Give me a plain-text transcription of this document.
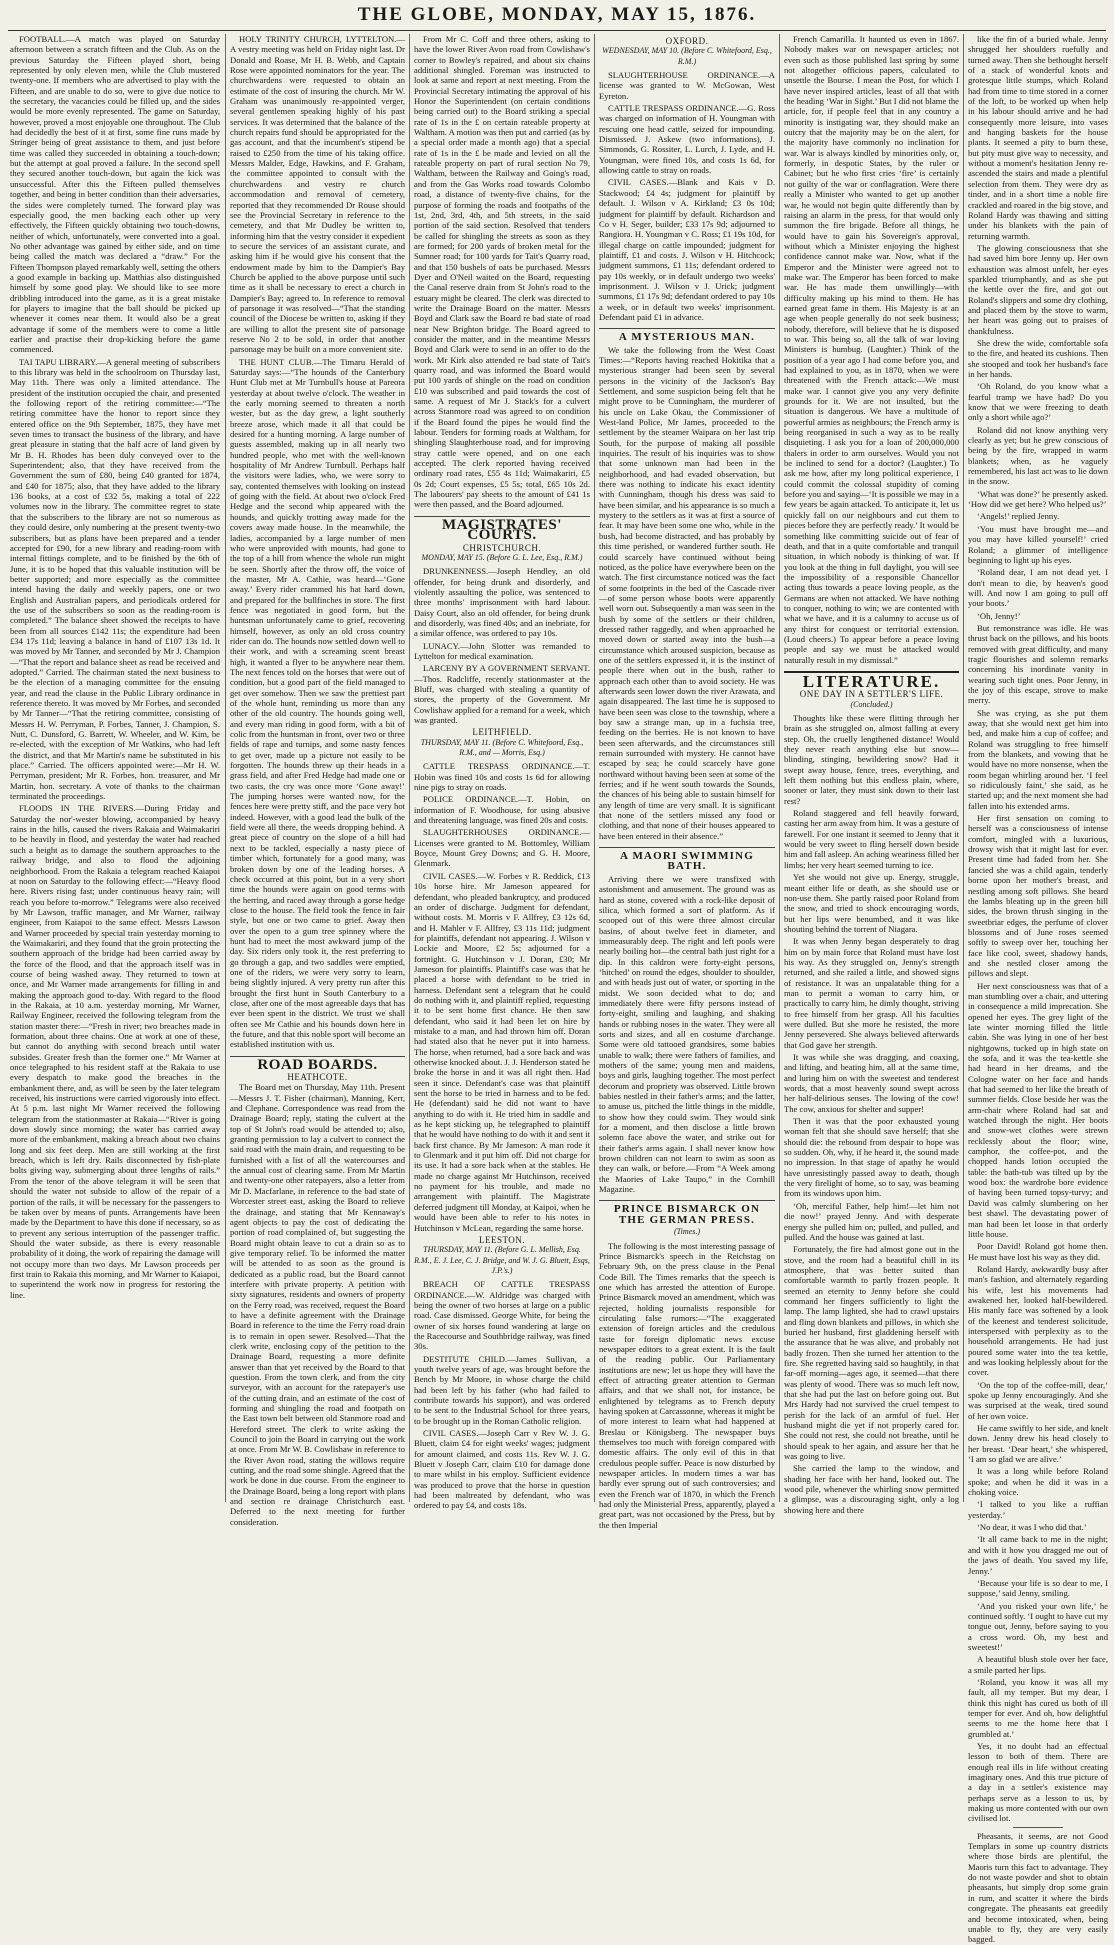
THE GLOBE, MONDAY, MAY 15, 1876.

FOOTBALL.—A match was played on Saturday afternoon between a scratch fifteen and the Club. As on the previous Saturday the Fifteen played short, being represented by only eleven men, while the Club mustered twenty-one. If members who are advertised to play with the Fifteen, and are unable to do so, were to give due notice to the secretary, the vacancies could be filled up, and the sides would be more evenly represented. The game on Saturday, however, proved a most enjoyable one throughout. The Club had decidedly the best of it at first, some fine runs made by Stringer being of great assistance to them, and just before time was called they succeeded in obtaining a touch-down; but the attempt at goal proved a failure. In the second spell they secured another touch-down, but again the kick was unsuccessful. After this the Fifteen pulled themselves together, and being in better condition than their adversaries, the sides were completely turned. The forward play was especially good, the men backing each other up very effectively, the Fifteen quickly obtaining two touch-downs, neither of which, unfortunately, were converted into a goal. No other advantage was gained by either side, and on time being called the match was declared a “draw.” For the Fifteen Thompson played remarkably well, setting the others a good example in backing up. Matthias also distinguished himself by some good play. We should like to see more dribbling introduced into the game, as it is a great mistake for players to imagine that the ball should be picked up whenever it comes near them. It would also be a great advantage if some of the members were to come a little earlier and practise their drop-kicking before the game commenced.

TAI TAPU LIBRARY.—A general meeting of subscribers to this library was held in the schoolroom on Thursday last, May 11th. There was only a limited attendance. The president of the institution occupied the chair, and presented the following report of the retiring committee:—“The retiring committee have the honor to report since they entered office on the 9th September, 1875, they have met seven times to transact the business of the library, and have great pleasure in stating that the half acre of land given by Mr B. H. Rhodes has been duly conveyed over to the Superintendent; also, that they have received from the Government the sum of £80, being £40 granted for 1874, and £40 for 1875; also, that they have added to the library 136 books, at a cost of £32 5s, making a total of 222 volumes now in the library. The committee regret to state that the subscribers to the library are not so numerous as they could desire, only numbering at the present twenty-two subscribers, but as plans have been prepared and a tender accepted for £90, for a new library and reading-room with internal fittings complete, and to be finished by the 6th of June, it is to be hoped that this valuable institution will be better supported; and more especially as the committee intend having the daily and weekly papers, one or two English and Australian papers, and periodicals ordered for the use of the subscribers so soon as the reading-room is completed.” The balance sheet showed the receipts to have been from all sources £142 11s; the expenditure had been £34 17s 11d; leaving a balance in hand of £107 13s 1d. It was moved by Mr Tanner, and seconded by Mr J. Champion—“That the report and balance sheet as read be received and adopted.” Carried. The chairman stated the next business to be the election of a managing committee for the ensuing year, and read the clause in the Public Library ordinance in reference thereto. It was moved by Mr Forbes, and seconded by Mr Tanner—“That the retiring committee, consisting of Messrs H. W. Perryman, P. Forbes, Tanner, J. Champion, S. Nutt, C. Dunsford, G. Barrett, W. Wheeler, and W. Kim, be re-elected, with the exception of Mr Watkins, who had left the district, and that Mr Martin's name be substituted in his place.” Carried. The officers appointed were:—Mr H. W. Perryman, president; Mr R. Forbes, hon. treasurer, and Mr Martin, hon. secretary. A vote of thanks to the chairman terminated the proceedings.

FLOODS IN THE RIVERS.—During Friday and Saturday the nor'-wester blowing, accompanied by heavy rains in the hills, caused the rivers Rakaia and Waimakariri to be heavily in flood, and yesterday the water had reached such a height as to damage the southern approaches to the railway bridge, and also to flood the adjoining neighborhood. From the Rakaia a telegram reached Kaiapoi at noon on Saturday to the following effect:—“Heavy flood here. Rivers rising fast; under continuous heavy rain; will reach you before to-morrow.” Telegrams were also received by Mr Lawson, traffic manager, and Mr Warner, railway engineer, from Kaiapoi to the same effect. Messrs Lawson and Warner proceeded by special train yesterday morning to the Waimakariri, and they found that the groin protecting the southern approach of the bridge had been carried away by the force of the flood, and that the approach itself was in course of being washed away. They returned to town at once, and Mr Warner made arrangements for filling in and making the approach good to-day. With regard to the flood in the Rakaia, at 10 a.m. yesterday morning, Mr Warner, Railway Engineer, received the following telegram from the station master there:—“Fresh in river; two breaches made in formation, about three chains. One at work at one of these, but cannot do anything with second breach until water subsides. Greater fresh than the former one.” Mr Warner at once telegraphed to his resident staff at the Rakaia to use every despatch to make good the breaches in the embankment there, and, as will be seen by the later telegram received, his instructions were carried vigorously into effect. At 5 p.m. last night Mr Warner received the following telegram from the stationmaster at Rakaia—“River is going down slowly since morning; the water has carried away more of the embankment, making a breach about two chains long and six feet deep. Men are still working at the first breach, which is left dry. Rails disconnected by fish-plate bolts giving way, submerging about three lengths of rails.” From the tenor of the above telegram it will be seen that should the water not subside to allow of the repair of a portion of the rails, it will be necessary for the passengers to be taken over by means of punts. Arrangements have been made by the Department to have this done if necessary, so as to prevent any serious interruption of the passenger traffic. Should the water subside, as there is every reasonable probability of it doing, the work of repairing the damage will not occupy more than two days. Mr Lawson proceeds per first train to Rakaia this morning, and Mr Warner to Kaiapoi, to superintend the work now in progress for restoring the line.

HOLY TRINITY CHURCH, LYTTELTON.—A vestry meeting was held on Friday night last. Dr Donald and Roase, Mr H. B. Webb, and Captain Rose were appointed nominators for the year. The churchwardens were requested to obtain an estimate of the cost of insuring the church. Mr W. Graham was unanimously re-appointed verger, several gentlemen speaking highly of his past services. It was determined that the balance of the church repairs fund should be appropriated for the gas account, and that the incumbent's stipend be raised to £250 from the time of his taking office. Messrs Malder, Edge, Hawkins, and F. Graham, the committee appointed to consult with the churchwardens and vestry re church accommodation and removal of cemetery, reported that they recommended Dr Rouse should see the Provincial Secretary in reference to the cemetery, and that Mr Dudley be written to, informing him that the vestry consider it expedient to secure the services of an assistant curate, and asking him if he would give his consent that the endowment made by him to the Dampier's Bay Church be applied to the above purpose until such time as it shall be necessary to erect a church in Dampier's Bay; agreed to. In reference to removal of parsonage it was resolved—“That the standing council of the Diocese be written to, asking if they are willing to allot the present site of parsonage reserve No 2 to be sold, in order that another parsonage may be built on a more convenient site.

THE HUNT CLUB.—The Timaru Herald of Saturday says:—“The hounds of the Canterbury Hunt Club met at Mr Turnbull's house at Pareora yesterday at about twelve o'clock. The weather in the early morning seemed to threaten a north wester, but as the day grew, a light southerly breeze arose, which made it all that could be desired for a hunting morning. A large number of guests assembled, making up in all nearly two hundred people, who met with the well-known hospitality of Mr Andrew Turnbull. Perhaps half the visitors were ladies, who, we were sorry to say, contented themselves with looking on instead of going with the field. At about two o'clock Fred Hedge and the second whip appeared with the hounds, and quickly trotting away made for the covers away made house. In the meanwhile, the ladies, accompanied by a large number of men who were unprovided with mounts, had gone to the top of a hill from whence the whole run might be seen. Shortly after the throw off, the voice of the master, Mr A. Cathie, was heard—‘Gone away.’ Every rider crammed his hat hard down, and prepared for the bullfinches in store. The first fence was negotiated in good form, but the huntsman unfortunately came to grief, recovering himself, however, as only an old cross country rider can do. The hounds now settled down well to their work, and with a screaming scent breast high, it wanted a flyer to be anywhere near them. The next fences told on the horses that were out of condition, but a good part of the field managed to get over somehow. Then we saw the prettiest part of the whole hunt, reminding us more than any other of the old country. The hounds going well, and every man riding in good form, with a bit of colic from the huntsman in front, over two or three fields of rape and turnips, and some nasty fences to get over, made up a picture not easily to be forgotten. The hounds threw up their heads in a grass field, and after Fred Hedge had made one or two casts, the cry was once more ‘Gone away!’ The jumping horses were wanted now, for the fences here were pretty stiff, and the pace very hot indeed. However, with a good lead the bulk of the field were all there, the weeds dropping behind. A great piece of country on the slope of a hill had next to be tackled, especially a nasty piece of timber which, fortunately for a good many, was broken down by one of the leading horses. A check occurred at this point, but in a very short time the hounds were again on good terms with the herring, and raced away through a gorse hedge close to the house. The field took the fence in fair style, but one or two came to grief. Away then over the open to a gum tree spinney where the hunt had to meet the most awkward jump of the day. Six riders only took it, the rest preferring to go through a gap, and two saddles were emptied, one of the riders, we were very sorry to learn, being slightly injured. A very pretty run after this brought the first hunt in South Canterbury to a close, after one of the most agreeable days that has ever been spent in the district. We trust we shall often see Mr Cathie and his hounds down here in the future, and that this noble sport will become an established institution with us.

ROAD BOARDS.
HEATHCOTE.

The Board met on Thursday, May 11th. Present—Messrs J. T. Fisher (chairman), Manning, Kerr, and Clephane. Correspondence was read from the Drainage Board; reply, stating the culvert at the top of St John's road would be attended to; also, granting permission to lay a culvert to connect the said road with the main drain, and requesting to be furnished with a list of all the watercourses and the annual cost of clearing same. From Mr Martin and twenty-one other ratepayers, also a letter from Mr D. Macfarlane, in reference to the bad state of Worcester street east, asking the Board to relieve the drainage, and stating that Mr Kennaway's agent objects to pay the cost of dedicating the portion of road complained of, but suggesting the Board might obtain leave to cut a drain so as to give temporary relief. To be informed the matter will be attended to as soon as the ground is dedicated as a public road, but the Board cannot interfere with private property. A petition with sixty signatures, residents and owners of property on the Ferry road, was received, request the Board to have a definite agreement with the Drainage Board in reference to the time the Ferry road drain is to remain in open sewer. Resolved—That the clerk write, enclosing copy of the petition to the Drainage Board, requesting a more definite answer than that yet received by the Board to that question. From the town clerk, and from the city surveyor, with an account for the ratepayer's use of the cutting drain, and an estimate of the cost of forming and shingling the road and footpath on the East town belt between old Stanmore road and Hereford street. The clerk to write asking the Council to join the Board in carrying out the work at once. From Mr W. B. Cowlishaw in reference to the River Avon road, stating the willows require cutting, and the road some shingle. Agreed that the work be done in due course. From the engineer to the Drainage Board, being a long report with plans and section re drainage Christchurch east. Deferred to the next meeting for further consideration.

From Mr C. Coff and three others, asking to have the lower River Avon road from Cowlishaw's corner to Bowley's repaired, and about six chains additional shingled. Foreman was instructed to look at same and report at next meeting. From the Provincial Secretary intimating the approval of his Honor the Superintendent (on certain conditions being carried out) to the Board striking a special rate of 1s in the £ on certain rateable property at Waltham. A motion was then put and carried (as by a special order made a month ago) that a special rate of 1s in the £ be made and levied on all the rateable property on part of rural section No 79, Waltham, between the Railway and Going's road, and from the Gas Works road towards Colombo road, a distance of twenty-five chains, for the purpose of forming the roads and footpaths of the 1st, 2nd, 3rd, 4th, and 5th streets, in the said portion of the said section. Resolved that tenders be called for shingling the streets as soon as they are formed; for 200 yards of broken metal for the Sumner road; for 100 yards for Tait's Quarry road, and that 150 bushels of oats be purchased. Messrs Dyer and O'Neil waited on the Board, requesting the Canal reserve drain from St John's road to the estuary might be cleared. The clerk was directed to write the Drainage Board on the matter. Messrs Boyd and Clark saw the Board re bad state of road near New Brighton bridge. The Board agreed to consider the matter, and in the meantime Messrs Boyd and Clark were to send in an offer to do the work. Mr Kirk also attended re bad state of Tait's quarry road, and was informed the Board would put 100 yards of shingle on the road on condition £10 was subscribed and paid towards the cost of same. A request of Mr J. Stack's for a culvert across Stanmore road was agreed to on condition if the Board found the pipes he would find the labour. Tenders for forming roads at Waltham, for shingling Slaughterhouse road, and for improving stray cattle were opened, and on one each accepted. The clerk reported having received ordinary road rates, £55 4s 11d; Waimakariri, £5 0s 2d; Court expenses, £5 5s; total, £65 10s 2d. The labourers' pay sheets to the amount of £41 1s were then passed, and the Board adjourned.

MAGISTRATES' COURTS.
CHRISTCHURCH.
MONDAY, MAY 15. (Before G. L. Lee, Esq., R.M.)

DRUNKENNESS.—Joseph Hendley, an old offender, for being drunk and disorderly, and violently assaulting the police, was sentenced to three months' imprisonment with hard labour. Daisy Court, also an old offender, for being drunk and disorderly, was fined 40s; and an inebriate, for a similar offence, was ordered to pay 10s.

LUNACY.—John Slotter was remanded to Lyttelton for medical examination.

LARCENY BY A GOVERNMENT SERVANT.—Thos. Radcliffe, recently stationmaster at the Bluff, was charged with stealing a quantity of stores, the property of the Government. Mr Cowlishaw applied for a remand for a week, which was granted.

LEITHFIELD.
THURSDAY, MAY 11. (Before C. Whitefoord, Esq., R.M., and — Morris, Esq.)

CATTLE TRESPASS ORDINANCE.—T. Hobin was fined 10s and costs 1s 6d for allowing nine pigs to stray on roads.

POLICE ORDINANCE.—T. Hobin, on information of F. Woodhouse, for using abusive and threatening language, was fined 20s and costs.

SLAUGHTERHOUSES ORDINANCE.—Licenses were granted to M. Bottomley, William Boyce, Mount Grey Downs; and G. H. Moore, Glenmark.

CIVIL CASES.—W. Forbes v R. Reddick, £13 10s horse hire. Mr Jameson appeared for defendant, who pleaded bankruptcy, and produced an order of discharge. Judgment for defendant, without costs. M. Morris v F. Allfrey, £3 12s 6d, and H. Mahler v F. Allfrey, £3 11s 11d; judgment for plaintiffs, defendant not appearing. J. Wilson v Lockie and Moore, £2 5s; adjourned for a fortnight. G. Hutchinson v J. Doran, £30; Mr Jameson for plaintiffs. Plaintiff's case was that he placed a horse with defendant to be tried in harness. Defendant sent a telegram that he could do nothing with it, and plaintiff replied, requesting it to be sent home first chance. He then saw defendant, who said it had been let on hire by mistake to a man, and had thrown him off. Doran had stated also that he never put it into harness. The horse, when returned, had a sore back and was otherwise knocked about. J. J. Henderson stated he broke the horse in and it was all right then. Had seen it since. Defendant's case was that plaintiff sent the horse to be tried in harness and to be fed. He (defendant) said he did not want to have anything to do with it. He tried him in saddle and as he kept sticking up, he telegraphed to plaintiff that he would have nothing to do with it and sent it back first chance. By Mr Jameson: A man rode it to Glenmark and it put him off. Did not charge for its use. It had a sore back when at the stables. He made no charge against Mr Hutchinson, received no payment for his trouble, and made no arrangement with plaintiff. The Magistrate deferred judgment till Monday, at Kaipoi, when he would have been able to refer to his notes in Hutchinson v McLean, regarding the same horse.

LEESTON.
THURSDAY, MAY 11. (Before G. L. Mellish, Esq. R.M., E. J. Lee, C. J. Bridge, and W. J. G. Bluett, Esqs, J.P.'s.)

BREACH OF CATTLE TRESPASS ORDINANCE.—W. Aldridge was charged with being the owner of two horses at large on a public road. Case dismissed. George White, for being the owner of six horses found wandering at large on the Racecourse and Southbridge railway, was fined 30s.

DESTITUTE CHILD.—James Sullivan, a youth twelve years of age, was brought before the Bench by Mr Moore, in whose charge the child had been left by his father (who had failed to contribute towards his support), and was ordered to be sent to the Industrial School for three years, to be brought up in the Roman Catholic religion.

CIVIL CASES.—Joseph Carr v Rev W. J. G. Bluett, claim £4 for eight weeks' wages; judgment for amount claimed, and costs 11s. Rev W. J. G. Bluett v Joseph Carr, claim £10 for damage done to mare whilst in his employ. Sufficient evidence was produced to prove that the horse in question had been maltreated by defendant, who was ordered to pay £4, and costs 18s.

OXFORD.
WEDNESDAY, MAY 10. (Before C. Whitefoord, Esq., R.M.)

SLAUGHTERHOUSE ORDINANCE.—A license was granted to W. McGowan, West Eyreton.

CATTLE TRESPASS ORDINANCE.—G. Ross was charged on information of H. Youngman with rescuing one head cattle, seized for impounding. Dismissed. J. Askew (two informations), J. Simmonds, G. Rossiter, L. Lurch, J. Lyde, and H. Youngman, were fined 10s, and costs 1s 6d, for allowing cattle to stray on roads.

CIVIL CASES.—Blank and Kais v D. Stackwood; £4 4s; judgment for plaintiff by default. J. Wilson v A. Kirkland; £3 0s 10d; judgment for plaintiff by default. Richardson and Co v H. Seger, builder; £33 17s 9d; adjourned to Rangiora. H. Youngman v C. Ross; £1 19s 10d, for illegal charge on cattle impounded; judgment for plaintiff, £1 and costs. J. Wilson v H. Hitchcock; judgment summons, £1 11s; defendant ordered to pay 10s weekly, or in default undergo two weeks' imprisonment. J. Wilson v J. Urick; judgment summons, £1 17s 9d; defendant ordered to pay 10s a week, or in default two weeks' imprisonment. Defendant paid £1 in advance.

A MYSTERIOUS MAN.

We take the following from the West Coast Times:—“Reports having reached Hokitika that a mysterious stranger had been seen by several persons in the vicinity of the Jackson's Bay Settlement, and some suspicion being felt that he might prove to be Cunningham, the murderer of his uncle on Lake Okau, the Commissioner of West-land Police, Mr James, proceeded to the settlement by the steamer Waipara on her last trip South, for the purpose of making all possible inquiries. The result of his inquiries was to show that some unknown man had been in the neighborhood, and had evaded observation, but there was nothing to indicate his exact identity with Cunningham, though his dress was said to have been similar, and his appearance is so much a mystery to the settlers as it was at first a source of fear. It may have been some one who, while in the bush, had become distracted, and has probably by this time perished, or wandered further south. He could scarcely have continued without being noticed, as the police have everywhere been on the watch. The first circumstance noticed was the fact of some footprints in the bed of the Cascade river—of some person whose boots were apparently well worn out. Subsequently a man was seen in the bush by some of the settlers or their children, dressed rather raggedly, and when approached he moved down or started away into the bush—a circumstance which aroused suspicion, because as one of the settlers expressed it, it is the instinct of people there when out in the bush, rather to approach each other than to avoid society. He was afterwards seen lower down the river Arawata, and again disappeared. The last time he is supposed to have been seen was close to the township, where a boy saw a strange man, up in a fuchsia tree, feeding on the berries. He is not known to have been seen afterwards, and the circumstances still remain surrounded with mystery. He cannot have escaped by sea; he could scarcely have gone northward without having been seen at some of the ferries; and if he went south towards the Sounds, the chances of his being able to sustain himself for any length of time are very small. It is significant that none of the settlers missed any food or clothing, and that none of their houses appeared to have been entered in their absence.”

A MAORI SWIMMING BATH.

Arriving there we were transfixed with astonishment and amusement. The ground was as hard as stone, covered with a rock-like deposit of silica, which formed a sort of platform. As if scooped out of this were three almost circular basins, of about twelve feet in diameter, and immeasurably deep. The right and left pools were nearly boiling hot—the central bath just right for a dip. In this caldron were forty-eight persons, ‘hitched’ on round the edges, shoulder to shoulder, and with heads just out of water, or sporting in the midst. We soon decided what to do; and immediately there were fifty persons instead of forty-eight, smiling and laughing, and shaking hands or rubbing noses in the water. They were all sorts and sizes, and all en costume d'archange. Some were old tattooed grandsires, some babies unable to walk; there were fathers of families, and mothers of the same; young men and maidens, boys and girls, laughing together. The most perfect decorum and propriety was observed. Little brown babies nestled in their father's arms; and the latter, to amuse us, pitched the little things in the middle, to show how they could swim. They would sink for a moment, and then disclose a little brown solemn face above the water, and strike out for their father's arms again. I shall never know how brown children can not learn to swim as soon as they can walk, or before.—From “A Week among the Maories of Lake Taupo,” in the Cornhill Magazine.

PRINCE BISMARCK ON THE GERMAN PRESS.
(Times.)

The following is the most interesting passage of Prince Bismarck's speech in the Reichstag on February 9th, on the press clause in the Penal Code Bill. The Times remarks that the speech is one which has arrested the attention of Europe. Prince Bismarck moved an amendment, which was rejected, holding journalists responsible for circulating false rumors:—“The exaggerated extension of foreign articles and the credulous taste for foreign diplomatic news excuse newspaper editors to a great extent. It is the fault of the reading public. Our Parliamentary institutions are new; let us hope they will have the effect of attracting greater attention to German affairs, and that we shall not, for instance, be enlightened by telegrams as to French deputy having spoken at Carcassonne, whereas it might be of more interest to learn what had happened at Breslau or Königsberg. The newspaper buys themselves too much with foreign compared with domestic affairs. The only evil of this in that credulous people suffer. Peace is now disturbed by newspaper articles. In modern times a war has hardly ever sprung out of such controversies; and even the French war of 1870, in which the French had only the Ministerial Press, apparently, played a great part, was not occasioned by the Press, but by the then Imperial

French Camarilla. It haunted us even in 1867. Nobody makes war on newspaper articles; not even such as those published last spring by some not altogether officious papers, calculated to unsettle the Bourse. I mean the Post, for which I have never inspired articles, least of all that with the heading ‘War in Sight.’ But I did not blame the article, for, if people feel that in any country a minority is instigating war, they should make an outcry that the majority may be on the alert, for the majority have commonly no inclination for war. War is always kindled by minorities only, or, formerly, in despotic States, by the ruler or Cabinet; but he who first cries ‘fire’ is certainly not guilty of the war or conflagration. Were there really a Minister who wanted to get up another war, he would not begin quite differently than by raising an alarm in the press, for that would only summon the fire brigade. Before all things, he would have to gain his Sovereign's approval, without which a Minister enjoying the highest confidence cannot make war. Now, what if the Emperor and the Minister were agreed not to make war. The Emperor has been forced to make war. He has made them unwillingly—with difficulty making up his mind to them. He has earned great fame in them. His Majesty is at an age when people generally do not seek business; nobody, therefore, will believe that he is disposed to war. This being so, all the talk of war loving Ministers is humbug. (Laughter.) Think of the position of a year ago I had come before you, and had explained to you, as in 1870, when we were threatened with the French attack:—We must make war. I cannot give you any very definite grounds for it. We are not insulted, but the situation is dangerous. We have a multitude of powerful armies as neighbours; the French army is being reorganised in such a way as to be really disquieting. I ask you for a loan of 200,000,000 thalers in order to arm ourselves. Would you not be inclined to send for a doctor? (Laughter.) To ask me how, after my long political experience, I could commit the colossal stupidity of coming before you and saying—‘It is possible we may in a few years be again attacked. To anticipate it, let us quickly fall on our neighbours and cut them to pieces before they are perfectly ready.’ It would be something like committing suicide out of fear of death, and that in a quite comfortable and tranquil situation, in which nobody is thinking of war. If you look at the thing in full daylight, you will see the impossibility of a responsible Chancellor acting thus towards a peace loving people, as the Germans are when not attacked. We have nothing to conquer, nothing to win; we are contented with what we have, and it is a calumny to accuse us of any thirst for conquest or territorial extension. (Loud cheers.) To appear before a peace loving people and say we must be attacked would naturally result in my dismissal.”

LITERATURE.
ONE DAY IN A SETTLER'S LIFE.
(Concluded.)

Thoughts like these were flitting through her brain as she struggled on, almost falling at every step. Oh, the cruelly lengthened distance! Would they never reach anything else but snow—blinding, stinging, bewildering snow? Had it swept away house, fence, trees, everything, and left them nothing but this endless plain, where, sooner or later, they must sink down to their last rest?

Roland staggered and fell heavily forward, casting her arm away from him. It was a gesture of farewell. For one instant it seemed to Jenny that it would be very sweet to fling herself down beside him and fall asleep. An aching weariness filled her limbs; her very heart seemed turning to ice.

Yet she would not give up. Energy, struggle, meant either life or death, as she should use or non-use them. She partly raised poor Roland from the snow, and tried to shock encouraging words, but her lips were benumbed, and it was like shouting behind the torrent of Niagara.

It was when Jenny began desperately to drag him on by main force that Roland must have lost his way. As they struggled on, Jenny's strength returned, and she railed a little, and showed signs of resistance. It was an unpalatable thing for a man to permit a woman to carry him, or practically to carry him, he dimly thought, striving to free himself from her grasp. All his faculties were dulled. But she more he resisted, the more Jenny persevered. She always believed afterwards that God gave her strength.

It was while she was dragging, and coaxing, and lifting, and beating him, all at the same time, and luring him on with the sweetest and tenderest words, that a most heavenly sound swept across her half-delirious senses. The lowing of the cow! The cow, anxious for shelter and supper!

Then it was that the poor exhausted young woman felt that she should save herself; that she should die: the rebound from despair to hope was so sudden. Oh, why, if he heard it, the sound made no impression. In that stage of apathy he would have unresistingly passed away to death, though the very firelight of home, so to say, was beaming from its windows upon him.

‘Oh, merciful Father, help him!—let him not die now!’ prayed Jenny. And with desperate energy she pulled him on; pulled, and pulled, and pulled. And the house was gained at last.

Fortunately, the fire had almost gone out in the stove, and the room had a beautiful chill in its atmosphere, that was better suited than comfortable warmth to partly frozen people. It seemed an eternity to Jenny before she could command her fingers sufficiently to light the lamp. The lamp lighted, she had to crawl upstairs and fling down blankets and pillows, in which she buried her husband, first gladdening herself with the assurance that he was alive, and probably not badly frozen. Then she turned her attention to the fire. She regretted having said so haughtily, in that far-off morning—ages ago, it seemed—that there was plenty of wood. There was so much left now, that she had put the last on before going out. But Mrs Hardy had not survived the cruel tempest to perish for the lack of an armful of fuel. Her husband might die yet if not properly cared for. She could not rest, she could not breathe, until he should speak to her again, and assure her that he was going to live.

She carried the lamp to the window, and shading her face with her hand, looked out. The wood pile, whenever the whirling snow permitted a glimpse, was a discouraging sight, only a log showing here and there

like the fin of a buried whale. Jenny shrugged her shoulders ruefully and turned away. Then she bethought herself of a stack of wonderful knots and grotesque little stumps, which Roland had from time to time stored in a corner of the loft, to be worked up when help in his labour should arrive and he had consequently more leisure, into vases and hanging baskets for the house plants. It seemed a pity to burn these, but pity must give way to necessity, and without a moment's hesitation Jenny re-ascended the stairs and made a plentiful selection from them. They were dry as tinder, and in a short time a noble fire crackled and roared in the big stove, and Roland Hardy was thawing and sitting under his blankets with the pain of returning warmth.

The glowing consciousness that she had saved him bore Jenny up. Her own exhaustion was almost unfelt, her eyes sparkled triumphantly, and as she put the kettle over the fire, and got out Roland's slippers and some dry clothing, and placed them by the stove to warm, her heart was going out to praises of thankfulness.

She drew the wide, comfortable sofa to the fire, and heated its cushions. Then she stooped and took her husband's face in her hands.

‘Oh Roland, do you know what a fearful tramp we have had? Do you know that we were freezing to death only a short while ago?’

Roland did not know anything very clearly as yet; but he grew conscious of being by the fire, wrapped in warm blankets; when, as he vaguely remembered, his last act was to lie down in the snow.

‘What was done?’ he presently asked. ‘How did we get here? Who helped us?’

‘Angels!’ replied Jenny.

‘You must have brought me—and you may have killed yourself!’ cried Roland; a glimmer of intelligence beginning to light up his eyes.

‘Roland dear, I am not dead yet. I don't mean to die, by heaven's good will. And now I am going to pull off your boots.’

‘Oh, Jenny!’

But remonstrance was idle. He was thrust back on the pillows, and his boots removed with great difficulty, and many tragic flourishes and solemn remarks concerning his inordinate vanity in wearing such tight ones. Poor Jenny, in the joy of this escape, strove to make merry.

She was crying, as she put them away, that she would next get him into bed, and make him a cup of coffee; and Roland was struggling to free himself from the blankets, and vowing that he would have no more nonsense, when the room began whirling around her. ‘I feel so ridiculously faint,’ she said, as he started up; and the next moment she had fallen into his extended arms.

Her first sensation on coming to herself was a consciousness of intense comfort, mingled with a luxurious, drowsy wish that it might last for ever. Present time had faded from her. She fancied she was a child again, tenderly borne upon her mother's breast, and nestling among soft pillows. She heard the lambs bleating up in the green hill sides, the brown thrush singing in the sweetbriar edges, the perfume of clover blossoms and of June roses seemed softly to sweep over her, touching her face like cool, sweet, shadowy hands, and she nestled closer among the pillows and slept.

Her next consciousness was that of a man stumbling over a chair, and uttering in consequence a mild imprecation. She opened her eyes. The grey light of the late winter morning filled the little cabin. She was lying in one of her best nightgowns, tucked up in high state on the sofa, and it was the tea-kettle she had heard in her dreams, and the Cologne water on her face and hands that had seemed to her like the breath of summer fields. Close beside her was the arm-chair where Roland had sat and watched through the night. Her boots and snow-wet clothes were strewn recklessly about the floor; wine, camphor, the coffee-pot, and the chopped hands lotion occupied the table: the bath-tub was tilted up by the wood box: the wardrobe bore evidence of having been turned topsy-turvy; and David was calmly slumbering on her best shawl. The devastating power of man had been let loose in that orderly little house.

Poor David! Roland got home then. He must have lost his way as they did.

Roland Hardy, awkwardly busy after man's fashion, and alternately regarding his wife, lest his movements had awakened her, looked half-bewildered. His manly face was softened by a look of the keenest and tenderest solicitude, interspersed with perplexity as to the household arrangements. He had just poured some water into the tea kettle, and was looking helplessly about for the cover.

‘On the top of the coffee-mill, dear,’ spoke up Jenny encouragingly. And she was surprised at the weak, tired sound of her own voice.

He came swiftly to her side, and knelt down. Jenny drew his head closely to her breast. ‘Dear heart,’ she whispered, ‘I am so glad we are alive.’

It was a long while before Roland spoke; and when he did it was in a choking voice.

‘I talked to you like a ruffian yesterday.’

‘No dear, it was I who did that.’

‘It all came back to me in the night; and with it how you dragged me out of the jaws of death. You saved my life, Jenny.’

‘Because your life is so dear to me, I suppose,’ said Jenny, smiling.

‘And you risked your own life,’ he continued softly. ‘I ought to have cut my tongue out, Jenny, before saying to you a cross word. Oh, my best and sweetest!’

A beautiful blush stole over her face, a smile parted her lips.

‘Roland, you know it was all my fault, all my temper. But my dear, I think this night has cured us both of ill temper for ever. And oh, how delightful seems to me the home here that I grumbled at.’

Yes, it no doubt had an effectual lesson to both of them. There are enough real ills in life without creating imaginary ones. And this true picture of a day in a settler's existence may perhaps serve as a lesson to us, by making us more contented with our own civilised lot.

Pheasants, it seems, are not Good Templars in some up country districts where those birds are plentiful, the Maoris turn this fact to advantage. They do not waste powder and shot to obtain pheasants, but simply drop some grain in rum, and scatter it where the birds congregate. The pheasants eat greedily and become intoxicated, when, being unable to fly, they are very easily bagged.
